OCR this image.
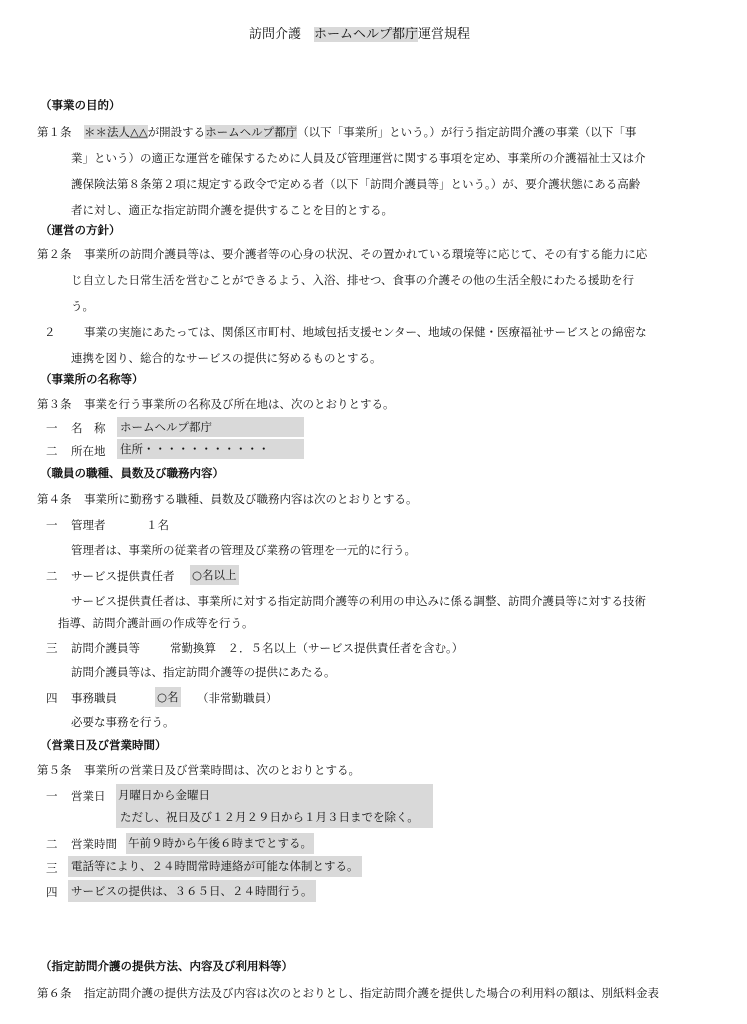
訪問介護　ホームヘルプ都庁運営規程
（事業の目的）
第１条 ＊＊法人△△が開設するホームヘルプ都庁（以下「事業所」という。）が行う指定訪問介護の事業（以下「事
業」という）の適正な運営を確保するために人員及び管理運営に関する事項を定め、事業所の介護福祉士又は介
護保険法第８条第２項に規定する政令で定める者（以下「訪問介護員等」という。）が、要介護状態にある高齢
者に対し、適正な指定訪問介護を提供することを目的とする。
（運営の方針）
第２条 事業所の訪問介護員等は、要介護者等の心身の状況、その置かれている環境等に応じて、その有する能力に応
じ自立した日常生活を営むことができるよう、入浴、排せつ、食事の介護その他の生活全般にわたる援助を行
う。
２ 事業の実施にあたっては、関係区市町村、地域包括支援センター、地域の保健・医療福祉サービスとの綿密な
連携を図り、総合的なサービスの提供に努めるものとする。
（事業所の名称等）
第３条 事業を行う事業所の名称及び所在地は、次のとおりとする。
一 名　称 ホームヘルプ都庁
二 所在地 住所・・・・・・・・・・・
（職員の職種、員数及び職務内容）
第４条 事業所に勤務する職種、員数及び職務内容は次のとおりとする。
一 管理者	１名
管理者は、事業所の従業者の管理及び業務の管理を一元的に行う。
二 サービス提供責任者 ○名以上
サービス提供責任者は、事業所に対する指定訪問介護等の利用の申込みに係る調整、訪問介護員等に対する技術
指導、訪問介護計画の作成等を行う。
三 訪問介護員等	常勤換算　２．５名以上（サービス提供責任者を含む。）
訪問介護員等は、指定訪問介護等の提供にあたる。
四 事務職員	○名 （非常勤職員）
必要な事務を行う。
（営業日及び営業時間）
第５条 事業所の営業日及び営業時間は、次のとおりとする。
一 営業日 月曜日から金曜日
ただし、祝日及び１２月２９日から１月３日までを除く。
二 営業時間 午前９時から午後６時までとする。
三 電話等により、２４時間常時連絡が可能な体制とする。
四 サービスの提供は、３６５日、２４時間行う。
（指定訪問介護の提供方法、内容及び利用料等）
第６条 指定訪問介護の提供方法及び内容は次のとおりとし、指定訪問介護を提供した場合の利用料の額は、別紙料金表
